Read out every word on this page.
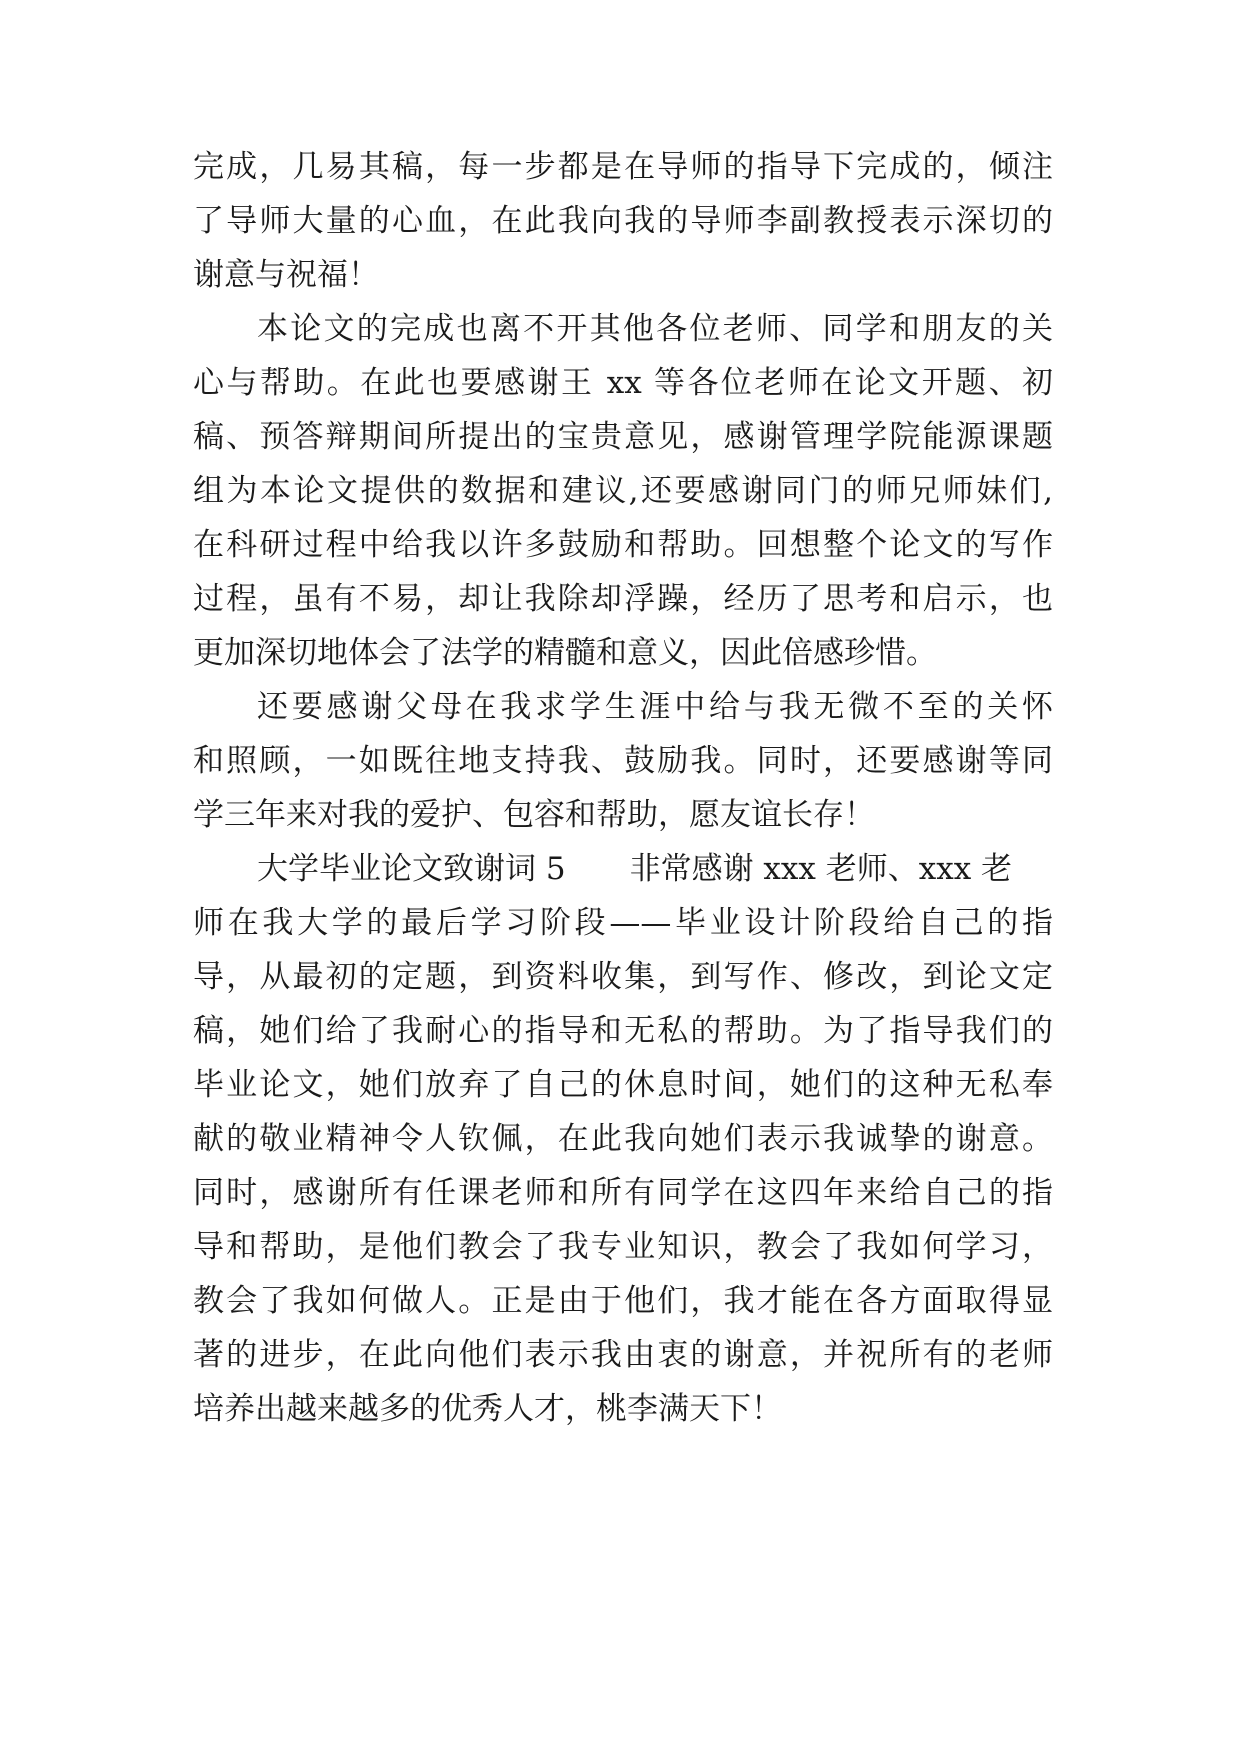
完成，几易其稿，每一步都是在导师的指导下完成的，倾注
了导师大量的心血，在此我向我的导师李副教授表示深切的
谢意与祝福！
本论文的完成也离不开其他各位老师、同学和朋友的关
心与帮助。在此也要感谢王 xx 等各位老师在论文开题、初
稿、预答辩期间所提出的宝贵意见，感谢管理学院能源课题
组为本论文提供的数据和建议,还要感谢同门的师兄师妹们,
在科研过程中给我以许多鼓励和帮助。回想整个论文的写作
过程，虽有不易，却让我除却浮躁，经历了思考和启示，也
更加深切地体会了法学的精髓和意义，因此倍感珍惜。
还要感谢父母在我求学生涯中给与我无微不至的关怀
和照顾，一如既往地支持我、鼓励我。同时，还要感谢等同
学三年来对我的爱护、包容和帮助，愿友谊长存！
大学毕业论文致谢词 5 非常感谢 xxx 老师、xxx 老
师在我大学的最后学习阶段——毕业设计阶段给自己的指
导，从最初的定题，到资料收集，到写作、修改，到论文定
稿，她们给了我耐心的指导和无私的帮助。为了指导我们的
毕业论文，她们放弃了自己的休息时间，她们的这种无私奉
献的敬业精神令人钦佩，在此我向她们表示我诚挚的谢意。
同时，感谢所有任课老师和所有同学在这四年来给自己的指
导和帮助，是他们教会了我专业知识，教会了我如何学习，
教会了我如何做人。正是由于他们，我才能在各方面取得显
著的进步，在此向他们表示我由衷的谢意，并祝所有的老师
培养出越来越多的优秀人才，桃李满天下！
